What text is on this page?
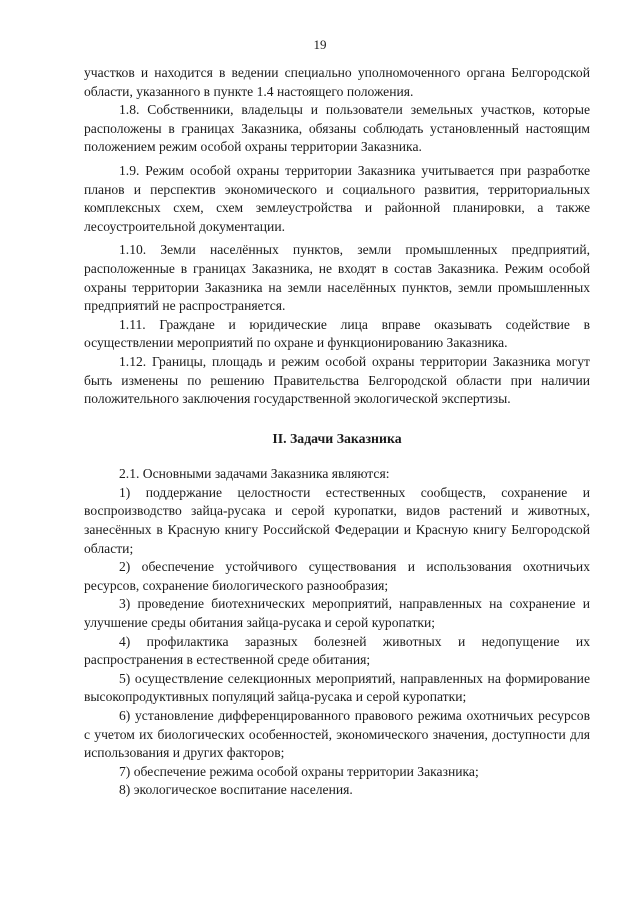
19

участков и находится в ведении специально уполномоченного органа Белгородской области, указанного в пункте 1.4 настоящего положения.

1.8. Собственники, владельцы и пользователи земельных участков, которые расположены в границах Заказника, обязаны соблюдать установленный настоящим положением режим особой охраны территории Заказника.

1.9. Режим особой охраны территории Заказника учитывается при разработке планов и перспектив экономического и социального развития, территориальных комплексных схем, схем землеустройства и районной планировки, а также лесоустроительной документации.

1.10. Земли населённых пунктов, земли промышленных предприятий, расположенные в границах Заказника, не входят в состав Заказника. Режим особой охраны территории Заказника на земли населённых пунктов, земли промышленных предприятий не распространяется.

1.11. Граждане и юридические лица вправе оказывать содействие в осуществлении мероприятий по охране и функционированию Заказника.

1.12. Границы, площадь и режим особой охраны территории Заказника могут быть изменены по решению Правительства Белгородской области при наличии положительного заключения государственной экологической экспертизы.

II. Задачи Заказника

2.1. Основными задачами Заказника являются:

1) поддержание целостности естественных сообществ, сохранение и воспроизводство зайца-русака и серой куропатки, видов растений и животных, занесённых в Красную книгу Российской Федерации и Красную книгу Белгородской области;

2) обеспечение устойчивого существования и использования охотничьих ресурсов, сохранение биологического разнообразия;

3) проведение биотехнических мероприятий, направленных на сохранение и улучшение среды обитания зайца-русака и серой куропатки;

4) профилактика заразных болезней животных и недопущение их распространения в естественной среде обитания;

5) осуществление селекционных мероприятий, направленных на формирование высокопродуктивных популяций зайца-русака и серой куропатки;

6) установление дифференцированного правового режима охотничьих ресурсов с учетом их биологических особенностей, экономического значения, доступности для использования и других факторов;

7) обеспечение режима особой охраны территории Заказника;

8) экологическое воспитание населения.
